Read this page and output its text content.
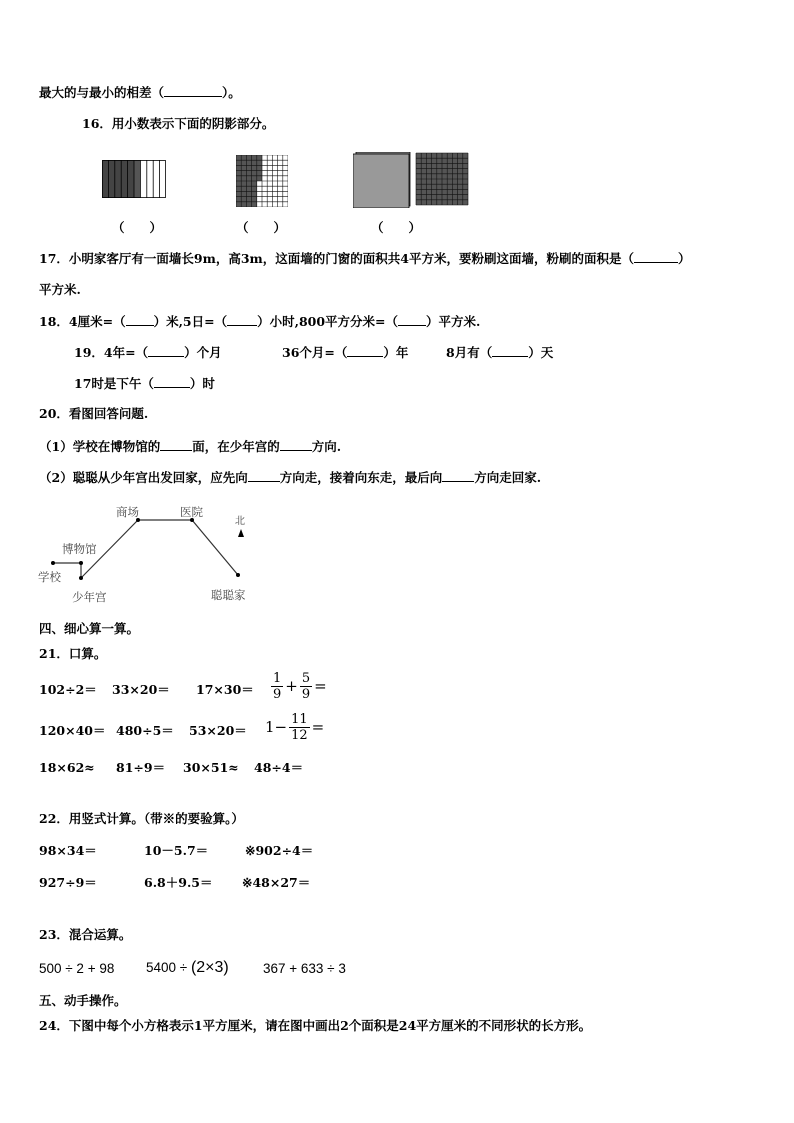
最大的与最小的相差（	）。
16．用小数表示下面的阴影部分。
（　　）	（　　）	（　　）
17．小明家客厅有一面墙长9m，高3m，这面墙的门窗的面积共4平方米，要粉刷这面墙，粉刷的面积是（	）
平方米.
18．4厘米=（ ）米,5日=（ ）小时,800平方分米=（ ）平方米.
19．4年=（	）个月	36个月=（	）年	8月有（	）天
17时是下午（	）时
20．看图回答问题.
（1）学校在博物馆的	面，在少年宫的	方向.
（2）聪聪从少年宫出发回家，应先向	方向走，接着向东走，最后向	方向走回家.
商场	医院
北
博物馆
学校
少年宫	聪聪家
四、细心算一算。
21．口算。
$102\div 2= 33\times 20= 17\times 30= \frac{1}{9} + \frac{5}{9}$ =
$120\times 40= 480\div 5= 53\times 20= 1- \frac{11}{12}$ =
18×62≈ 81÷9＝ 30×51≈ 48÷4＝
22．用竖式计算。（带※的要验算。）
98×34＝	10－5.7＝	※902÷4＝
927÷9＝	6.8＋9.5＝ ※48×27＝
23．混合运算。
500 ÷ 2 + 98 5400 ÷ (2×3)	367 + 633 ÷ 3
五、动手操作。
24．下图中每个小方格表示1平方厘米，请在图中画出2个面积是24平方厘米的不同形状的长方形。
